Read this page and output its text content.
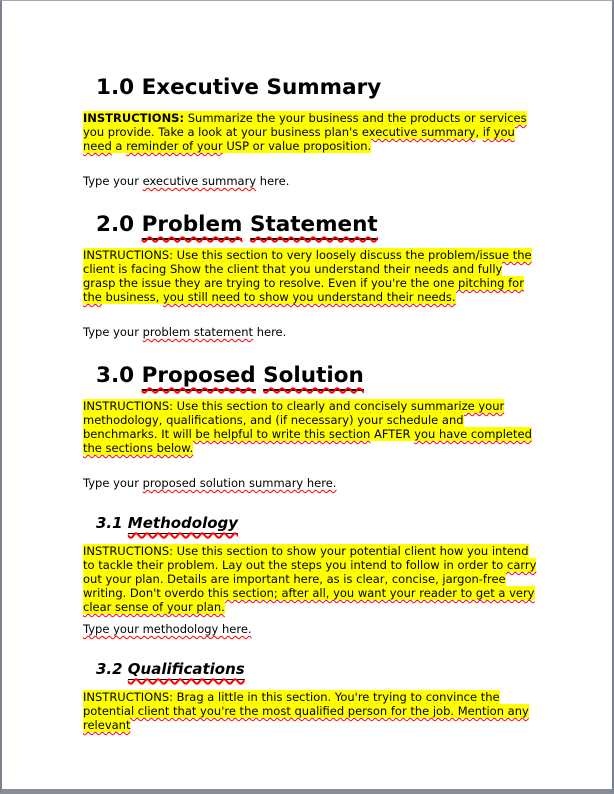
1.0 Executive Summary

INSTRUCTIONS: Summarize the your business and the products or services you provide. Take a look at your business plan's executive summary, if you need a reminder of your USP or value proposition.

Type your executive summary here.

2.0 Problem Statement

INSTRUCTIONS: Use this section to very loosely discuss the problem/issue the client is facing Show the client that you understand their needs and fully grasp the issue they are trying to resolve. Even if you're the one pitching for the business, you still need to show you understand their needs.

Type your problem statement here.

3.0 Proposed Solution

INSTRUCTIONS: Use this section to clearly and concisely summarize your methodology, qualifications, and (if necessary) your schedule and benchmarks. It will be helpful to write this section AFTER you have completed the sections below.

Type your proposed solution summary here.

3.1 Methodology

INSTRUCTIONS: Use this section to show your potential client how you intend to tackle their problem. Lay out the steps you intend to follow in order to carry out your plan. Details are important here, as is clear, concise, jargon-free writing. Don't overdo this section; after all, you want your reader to get a very clear sense of your plan.

Type your methodology here.

3.2 Qualifications

INSTRUCTIONS: Brag a little in this section. You're trying to convince the potential client that you're the most qualified person for the job. Mention any relevant
